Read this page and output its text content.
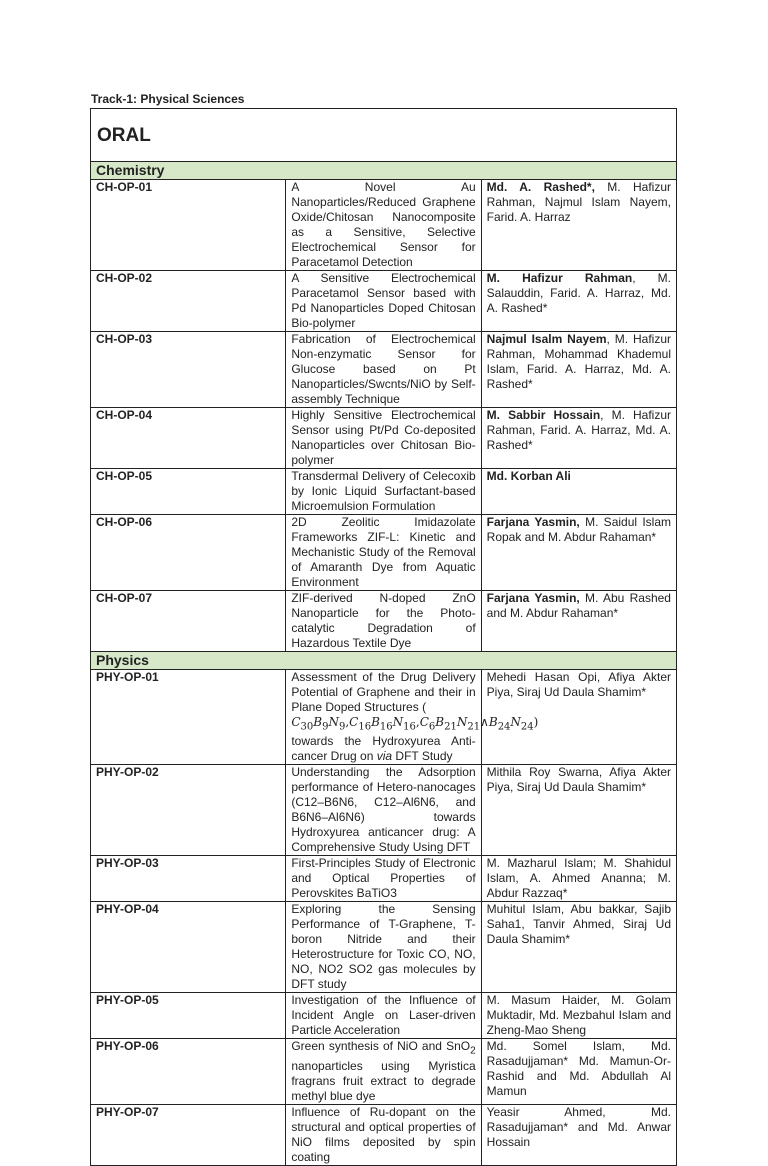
Track-1: Physical Sciences
ORAL		
Chemistry		
CH-OP-01	A Novel Au Nanoparticles/Reduced Graphene Oxide/Chitosan Nanocomposite as a Sensitive, Selective Electrochemical Sensor for Paracetamol Detection	Md. A. Rashed*, M. Hafizur Rahman, Najmul Islam Nayem, Farid. A. Harraz
CH-OP-02	A Sensitive Electrochemical Paracetamol Sensor based with Pd Nanoparticles Doped Chitosan Bio-polymer	M. Hafizur Rahman, M. Salauddin, Farid. A. Harraz, Md. A. Rashed*
CH-OP-03	Fabrication of Electrochemical Non-enzymatic Sensor for Glucose based on Pt Nanoparticles/Swcnts/NiO by Self-assembly Technique	Najmul Isalm Nayem, M. Hafizur Rahman, Mohammad Khademul Islam, Farid. A. Harraz, Md. A. Rashed*
CH-OP-04	Highly Sensitive Electrochemical Sensor using Pt/Pd Co-deposited Nanoparticles over Chitosan Bio-polymer	M. Sabbir Hossain, M. Hafizur Rahman, Farid. A. Harraz, Md. A. Rashed*
CH-OP-05	Transdermal Delivery of Celecoxib by Ionic Liquid Surfactant-based Microemulsion Formulation	Md. Korban Ali
CH-OP-06	2D Zeolitic Imidazolate Frameworks ZIF-L: Kinetic and Mechanistic Study of the Removal of Amaranth Dye from Aquatic Environment	Farjana Yasmin, M. Saidul Islam Ropak and M. Abdur Rahaman*
CH-OP-07	ZIF-derived N-doped ZnO Nanoparticle for the Photo-catalytic Degradation of Hazardous Textile Dye	Farjana Yasmin, M. Abu Rashed and M. Abdur Rahaman*
Physics		
PHY-OP-01	Assessment of the Drug Delivery Potential of Graphene and their in Plane Doped Structures (
$C_{30}B_9N_9,C_{16}B_{16}N_{16},C_6B_{21}N_{21}\wedge B_{24}N_{24}$)
towards the Hydroxyurea Anti-cancer Drug on via DFT Study	Mehedi Hasan Opi, Afiya Akter Piya, Siraj Ud Daula Shamim*
PHY-OP-02	Understanding the Adsorption performance of Hetero-nanocages (C12–B6N6, C12–Al6N6, and B6N6–Al6N6) towards Hydroxyurea anticancer drug: A Comprehensive Study Using DFT	Mithila Roy Swarna, Afiya Akter Piya, Siraj Ud Daula Shamim*
PHY-OP-03	First-Principles Study of Electronic and Optical Properties of Perovskites BaTiO3	M. Mazharul Islam; M. Shahidul Islam, A. Ahmed Ananna; M. Abdur Razzaq*
PHY-OP-04	Exploring the Sensing Performance of T-Graphene, T-boron Nitride and their Heterostructure for Toxic CO, NO, NO, NO2 SO2 gas molecules by DFT study	Muhitul Islam, Abu bakkar, Sajib Saha1, Tanvir Ahmed, Siraj Ud Daula Shamim*
PHY-OP-05	Investigation of the Influence of Incident Angle on Laser-driven Particle Acceleration	M. Masum Haider, M. Golam Muktadir, Md. Mezbahul Islam and Zheng-Mao Sheng
PHY-OP-06	Green synthesis of NiO and SnO$_2$ nanoparticles using Myristica fragrans fruit extract to degrade methyl blue dye	Md. Somel Islam, Md. Rasadujjaman* Md. Mamun-Or-Rashid and Md. Abdullah Al Mamun
PHY-OP-07	Influence of Ru-dopant on the structural and optical properties of NiO films deposited by spin coating	Yeasir Ahmed, Md. Rasadujjaman* and Md. Anwar Hossain
